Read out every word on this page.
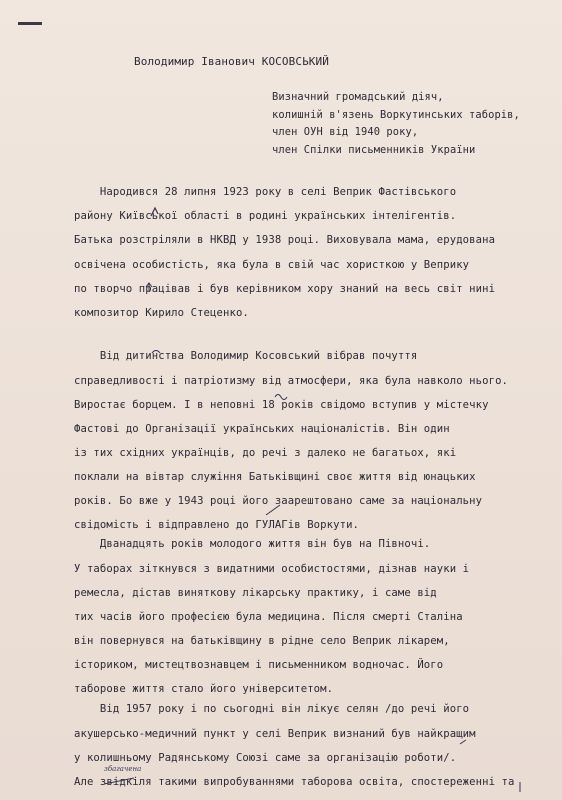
Володимир Іванович КОСОВСЬКИЙ
Визначний громадський діяч,
колишній в'язень Воркутинських таборів,
член ОУН від 1940 року,
член Спілки письменників України
Народився 28 липня 1923 року в селі Веприк Фастівського
району Київської області в родині українських інтелігентів.
Батька розстріляли в НКВД у 1938 році. Виховувала мама, ерудована
освічена особистість, яка була в свій час хористкою у Веприку
по творчо працівав і був керівником хору знаний на весь світ нині
композитор Кирило Стеценко.
Від дитинства Володимир Косовський вібрав почуття
справедливості і патріотизму від атмосфери, яка була навколо нього.
Виростає борцем. І в неповні 18 років свідомо вступив у містечку
Фастові до Організації українських націоналістів. Він один
із тих східних українців, до речі з далеко не багатьох, які
поклали на вівтар служіння Батьківщині своє життя від юнацьких
років. Бо вже у 1943 році його заарештовано саме за національну
свідомість і відправлено до ГУЛАГів Воркути.
Дванадцять років молодого життя він був на Півночі.
У таборах зіткнувся з видатними особистостями, дізнав науки і
ремесла, дістав виняткову лікарську практику, і саме від
тих часів його професією була медицина. Після смерті Сталіна
він повернувся на батьківщину в рідне село Веприк лікарем,
істориком, мистецтвознавцем і письменником водночас. Його
таборове життя стало його університетом.
Від 1957 року і по сьогодні він лікує селян /до речі його
акушерсько-медичний пункт у селі Веприк визнаний був найкращим
у колишньому Радянському Союзі саме за організацію роботи/.
Але звідкіля такими випробуваннями таборова освіта, спостереженні та
збагачена
